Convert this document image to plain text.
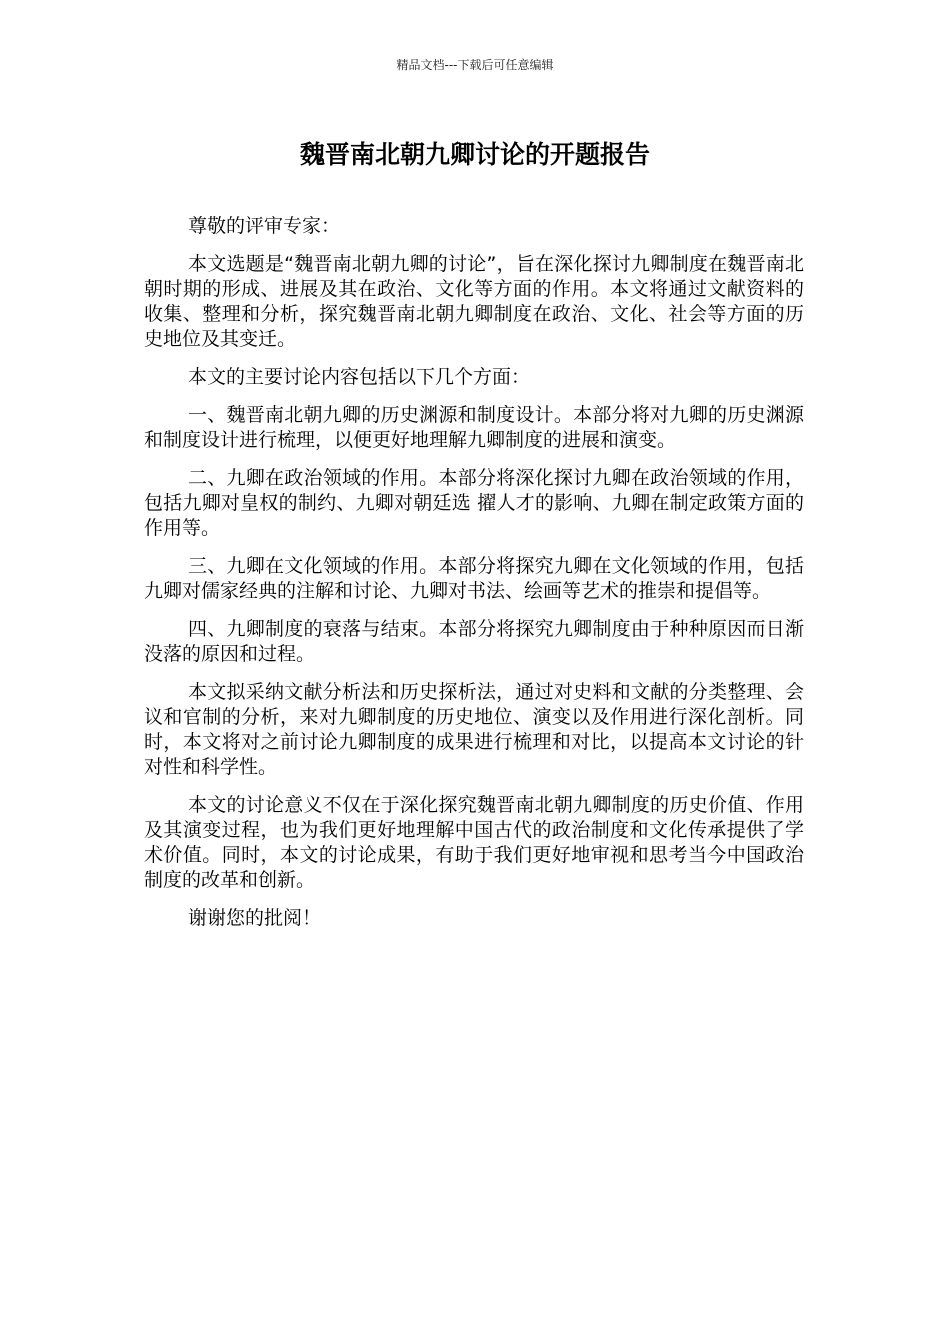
精品文档---下载后可任意编辑
魏晋南北朝九卿讨论的开题报告

尊敬的评审专家：

本文选题是“魏晋南北朝九卿的讨论”，旨在深化探讨九卿制度在魏晋南北朝时期的形成、进展及其在政治、文化等方面的作用。本文将通过文献资料的收集、整理和分析，探究魏晋南北朝九卿制度在政治、文化、社会等方面的历史地位及其变迁。

本文的主要讨论内容包括以下几个方面：

一、魏晋南北朝九卿的历史渊源和制度设计。本部分将对九卿的历史渊源和制度设计进行梳理，以便更好地理解九卿制度的进展和演变。

二、九卿在政治领域的作用。本部分将深化探讨九卿在政治领域的作用，包括九卿对皇权的制约、九卿对朝廷选 擢人才的影响、九卿在制定政策方面的作用等。

三、九卿在文化领域的作用。本部分将探究九卿在文化领域的作用，包括九卿对儒家经典的注解和讨论、九卿对书法、绘画等艺术的推崇和提倡等。

四、九卿制度的衰落与结束。本部分将探究九卿制度由于种种原因而日渐没落的原因和过程。

本文拟采纳文献分析法和历史探析法，通过对史料和文献的分类整理、会议和官制的分析，来对九卿制度的历史地位、演变以及作用进行深化剖析。同时，本文将对之前讨论九卿制度的成果进行梳理和对比，以提高本文讨论的针对性和科学性。

本文的讨论意义不仅在于深化探究魏晋南北朝九卿制度的历史价值、作用及其演变过程，也为我们更好地理解中国古代的政治制度和文化传承提供了学术价值。同时，本文的讨论成果，有助于我们更好地审视和思考当今中国政治制度的改革和创新。

谢谢您的批阅！
